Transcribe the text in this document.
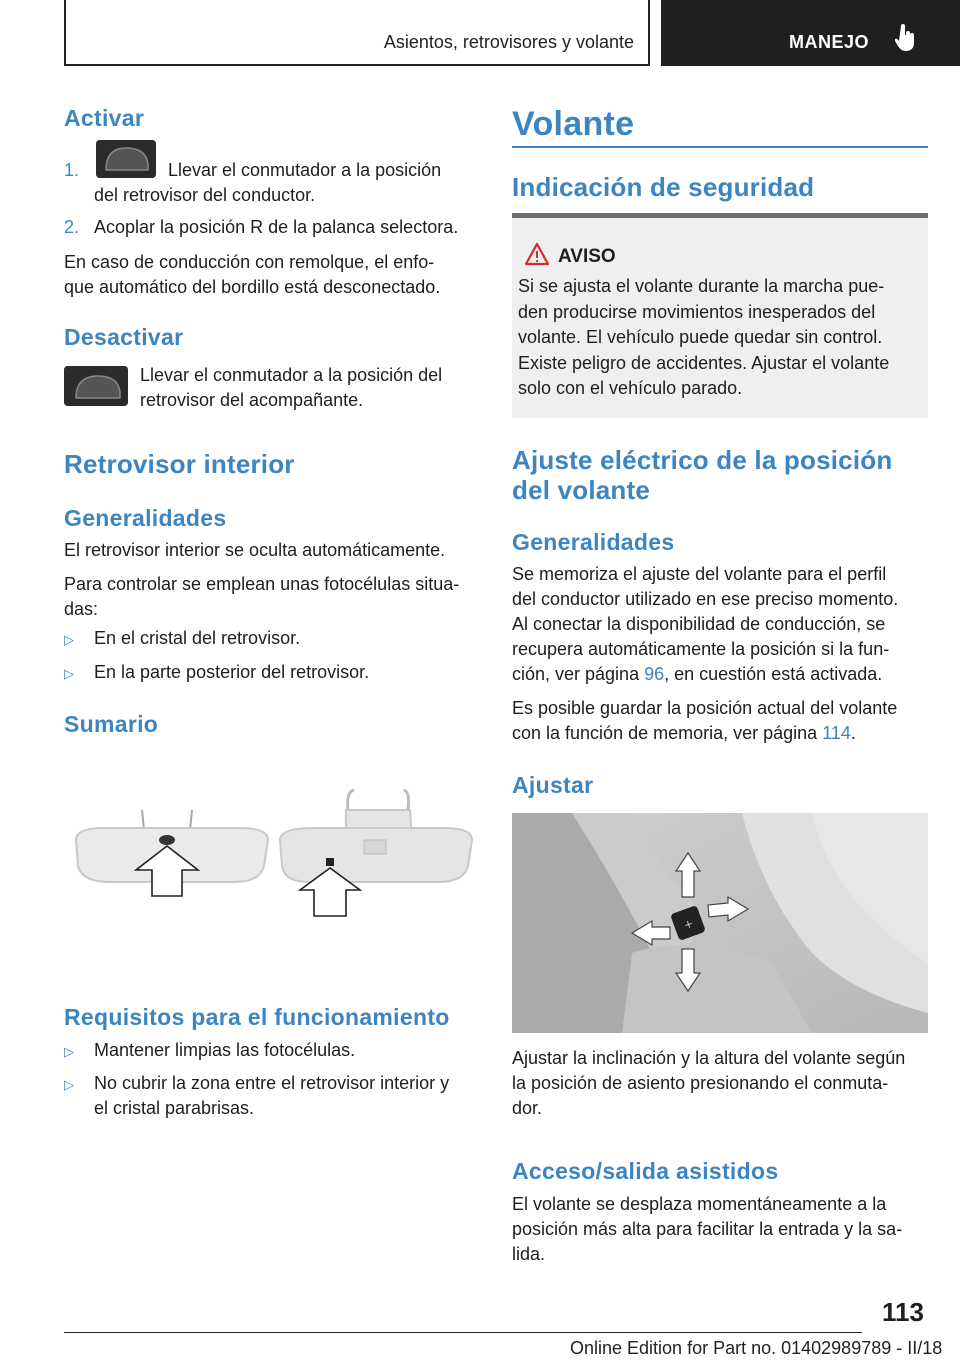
Asientos, retrovisores y volante	MANEJO
Activar
1.	Llevar el conmutador a la posición

del retrovisor del conductor.

2. Acoplar la posición R de la palanca selectora.

En caso de conducción con remolque, el enfo-

que automático del bordillo está desconectado.

Desactivar

Llevar el conmutador a la posición del

retrovisor del acompañante.

Retrovisor interior
Generalidades

El retrovisor interior se oculta automáticamente.

Para controlar se emplean unas fotocélulas situa-

das:

▷ En el cristal del retrovisor.
▷ En la parte posterior del retrovisor.
Sumario
Requisitos para el funcionamiento
▷ Mantener limpias las fotocélulas.
▷ No cubrir la zona entre el retrovisor interior y

el cristal parabrisas.

Volante
Indicación de seguridad
AVISO
Si se ajusta el volante durante la marcha pue-
den producirse movimientos inesperados del
volante. El vehículo puede quedar sin control.
Existe peligro de accidentes. Ajustar el volante
solo con el vehículo parado.
Ajuste eléctrico de la posición
del volante
Generalidades
Se memoriza el ajuste del volante para el perfil
del conductor utilizado en ese preciso momento.
Al conectar la disponibilidad de conducción, se
recupera automáticamente la posición si la fun-
ción, ver página 96, en cuestión está activada.
Es posible guardar la posición actual del volante
con la función de memoria, ver página 114.
Ajustar
+
Ajustar la inclinación y la altura del volante según
la posición de asiento presionando el conmuta-
dor.
Acceso/salida asistidos
El volante se desplaza momentáneamente a la
posición más alta para facilitar la entrada y la sa-
lida.
113
Online Edition for Part no. 01402989789 - II/18
